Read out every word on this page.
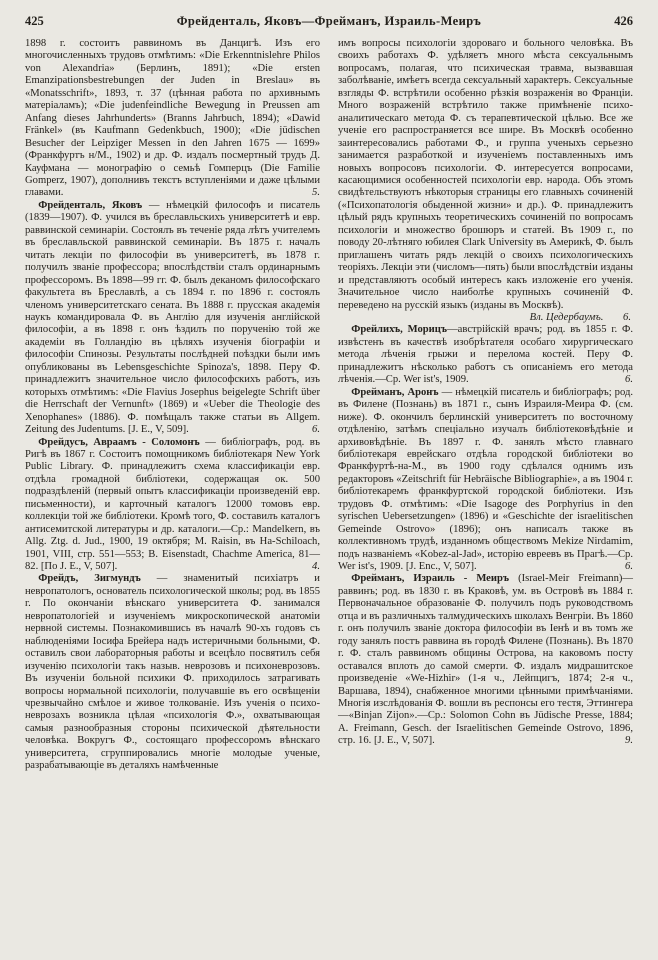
425	Фрейденталь, Яковъ—Фрейманъ, Израиль-Меиръ	426

1898 г. состоитъ раввиномъ въ Данцигѣ. Изъ его многочисленныхъ трудовъ отмѣтимъ: «Die Erkenntnislehre Philos von Alexandria» (Берлинъ, 1891); «Die ersten Emanzipationsbestrebungen der Juden in Breslau» въ «Monatsschrift», 1893, т. 37 (цѣнная работа по архивнымъ матеріаламъ); «Die judenfeindliche Bewegung in Preussen am Anfang dieses Jahrhunderts» (Branns Jahrbuch, 1894); «Dawid Fränkel» (въ Kaufmann Gedenkbuch, 1900); «Die jüdischen Besucher der Leipziger Messen in den Jahren 1675 — 1699» (Франкфуртъ н/М., 1902) и др. Ф. издалъ посмертный трудъ Д. Кауфмана — монографію о семьѣ Гомперцъ (Die Familie Gomperz, 1907), дополнивъ текстъ вступленіями и даже цѣлыми главами.	5.

Фрейденталь, Яковъ — нѣмецкій философъ и писатель (1839—1907). Ф. учился въ бреславльскихъ университетѣ и евр. раввинской семинаріи. Состоялъ въ теченіе ряда лѣтъ учителемъ въ бреславльской раввинской семинаріи. Въ 1875 г. началъ читать лекціи по философіи въ университетѣ, въ 1878 г. получилъ званіе профессора; впослѣдствіи сталъ ординарнымъ профессоромъ. Въ 1898—99 гг. Ф. былъ деканомъ философскаго факультета въ Бреславлѣ, а съ 1894 г. по 1896 г. состоялъ членомъ университетскаго сената. Въ 1888 г. прусская академія наукъ командировала Ф. въ Англію для изученія англійской философіи, а въ 1898 г. онъ ѣздилъ по порученію той же академіи въ Голландію въ цѣляхъ изученія біографіи и философіи Спинозы. Результаты послѣдней поѣздки были имъ опубликованы въ Lebensgeschichte Spinoza's, 1898. Перу Ф. принадлежитъ значительное число философскихъ работъ, изъ которыхъ отмѣтимъ: «Die Flavius Josephus beigelegte Schrift über die Herrschaft der Vernunft» (1869) и «Ueber die Theologie des Xenophanes» (1886). Ф. помѣщалъ также статьи въ Allgem. Zeitung des Judentums. [J. E., V, 509].	6.

Фрейдусъ, Авраамъ - Соломонъ — библіографъ, род. въ Ригѣ въ 1867 г. Состоитъ помощникомъ библіотекаря New York Public Library. Ф. принадлежитъ схема классификаціи евр. отдѣла громадной библіотеки, содержащая ок. 500 подраздѣленій (первый опытъ классификаціи произведеній евр. письменности), и карточный каталогъ 12000 томовъ евр. коллекціи той же библіотеки. Кромѣ того, Ф. составилъ каталогъ антисемитской литературы и др. каталоги.—Ср.: Mandelkern, въ Allg. Ztg. d. Jud., 1900, 19 октября; M. Raisin, въ Ha-Schiloach, 1901, VIII, стр. 551—553; B. Eisenstadt, Chachme America, 81—82. [По J. E., V, 507].	4.

Фрейдъ, Зигмундъ — знаменитый психіатръ и невропатологъ, основатель психологической школы; род. въ 1855 г. По окончаніи вѣнскаго университета Ф. занимался невропатологіей и изученіемъ микроскопической анатоміи нервной системы. Познакомившись въ началѣ 90-хъ годовъ съ наблюденіями Іосифа Брейера надъ истеричными больными, Ф. оставилъ свои лабораторныя работы и всецѣло посвятилъ себя изученію психологіи такъ назыв. неврозовъ и психоневрозовъ. Въ изученіи больной психики Ф. приходилось затрагивать вопросы нормальной психологіи, получавшіе въ его освѣщеніи чрезвычайно смѣлое и живое толкованіе. Изъ ученія о психо-неврозахъ возникла цѣлая «психологія Ф.», охватывающая самыя разнообразныя стороны психической дѣятельности человѣка. Вокругъ Ф., состоящаго профессоромъ вѣнскаго университета, сгруппировались многіе молодые ученые, разрабатывающіе въ деталяхъ намѣченные

имъ вопросы психологіи здороваго и больного человѣка. Въ своихъ работахъ Ф. удѣляетъ много мѣста сексуальнымъ вопросамъ, полагая, что психическая травма, вызвавшая заболѣваніе, имѣетъ всегда сексуальный характеръ. Сексуальные взгляды Ф. встрѣтили особенно рѣзкія возраженія во Франціи. Много возраженій встрѣтило также примѣненіе психо-аналитическаго метода Ф. съ терапевтической цѣлью. Все же ученіе его распространяется все шире. Въ Москвѣ особенно заинтересовались работами Ф., и группа ученыхъ серьезно занимается разработкой и изученіемъ поставленныхъ имъ новыхъ вопросовъ психологіи. Ф. интересуется вопросами, касающимися особенностей психологіи евр. народа. Объ этомъ свидѣтельствуютъ нѣкоторыя страницы его главныхъ сочиненій («Психопатологія обыденной жизни» и др.). Ф. принадлежитъ цѣлый рядъ крупныхъ теоретическихъ сочиненій по вопросамъ психологіи и множество брошюръ и статей. Въ 1909 г., по поводу 20-лѣтняго юбилея Clark University въ Америкѣ, Ф. былъ приглашенъ читать рядъ лекцій о своихъ психологическихъ теоріяхъ. Лекціи эти (числомъ—пять) были впослѣдствіи изданы и представляютъ особый интересъ какъ изложеніе его ученія. Значительное число наиболѣе крупныхъ сочиненій Ф. переведено на русскій языкъ (изданы въ Москвѣ).

Вл. Цедербаумъ. 6.

Фрейлихъ, Морицъ—австрійскій врачъ; род. въ 1855 г. Ф. извѣстенъ въ качествѣ изобрѣтателя особаго хирургическаго метода лѣченія грыжи и перелома костей. Перу Ф. принадлежитъ нѣсколько работъ съ описаніемъ его метода лѣченія.—Ср. Wer ist's, 1909.	6.

Фрейманъ, Аронъ — нѣмецкій писатель и библіографъ; род. въ Филене (Познань) въ 1871 г., сынъ Израиля-Меира Ф. (см. ниже). Ф. окончилъ берлинскій университетъ по восточному отдѣленію, затѣмъ спеціально изучалъ библіотековѣдѣніе и архивовѣдѣніе. Въ 1897 г. Ф. занялъ мѣсто главнаго библіотекаря еврейскаго отдѣла городской библіотеки во Франкфуртѣ-на-М., въ 1900 году сдѣлался однимъ изъ редакторовъ «Zeitschrift für Hebräische Bibliographie», а въ 1904 г. библіотекаремъ франкфуртской городской библіотеки. Изъ трудовъ Ф. отмѣтимъ: «Die Isagoge des Porphyrius in den syrischen Uebersetzungen» (1896) и «Geschichte der israelitischen Gemeinde Ostrovo» (1896); онъ написалъ также въ коллективномъ трудѣ, изданномъ обществомъ Mekize Nirdamim, подъ названіемъ «Kobez-al-Jad», исторію евреевъ въ Прагѣ.—Ср. Wer ist's, 1909. [J. Enc., V, 507].	6.

Фрейманъ, Израиль - Меиръ (Israel-Meir Freimann)—раввинъ; род. въ 1830 г. въ Краковѣ, ум. въ Островѣ въ 1884 г. Первоначальное образованіе Ф. получилъ подъ руководствомъ отца и въ различныхъ талмудическихъ школахъ Венгріи. Въ 1860 г. онъ получилъ званіе доктора философіи въ Іенѣ и въ томъ же году занялъ постъ раввина въ городѣ Филене (Познань). Въ 1870 г. Ф. сталъ раввиномъ общины Острова, на каковомъ посту оставался вплоть до самой смерти. Ф. издалъ мидрашитское произведеніе «We-Hizhir» (1-я ч., Лейпцигъ, 1874; 2-я ч., Варшава, 1894), снабженное многими цѣнными примѣчаніями. Многія изслѣдованія Ф. вошли въ респонсы его тестя, Эттингера—«Binjan Zijon».—Ср.: Solomon Cohn въ Jüdische Presse, 1884; A. Freimann, Gesch. der Israelitischen Gemeinde Ostrovo, 1896, стр. 16. [J. E., V, 507].	9.
